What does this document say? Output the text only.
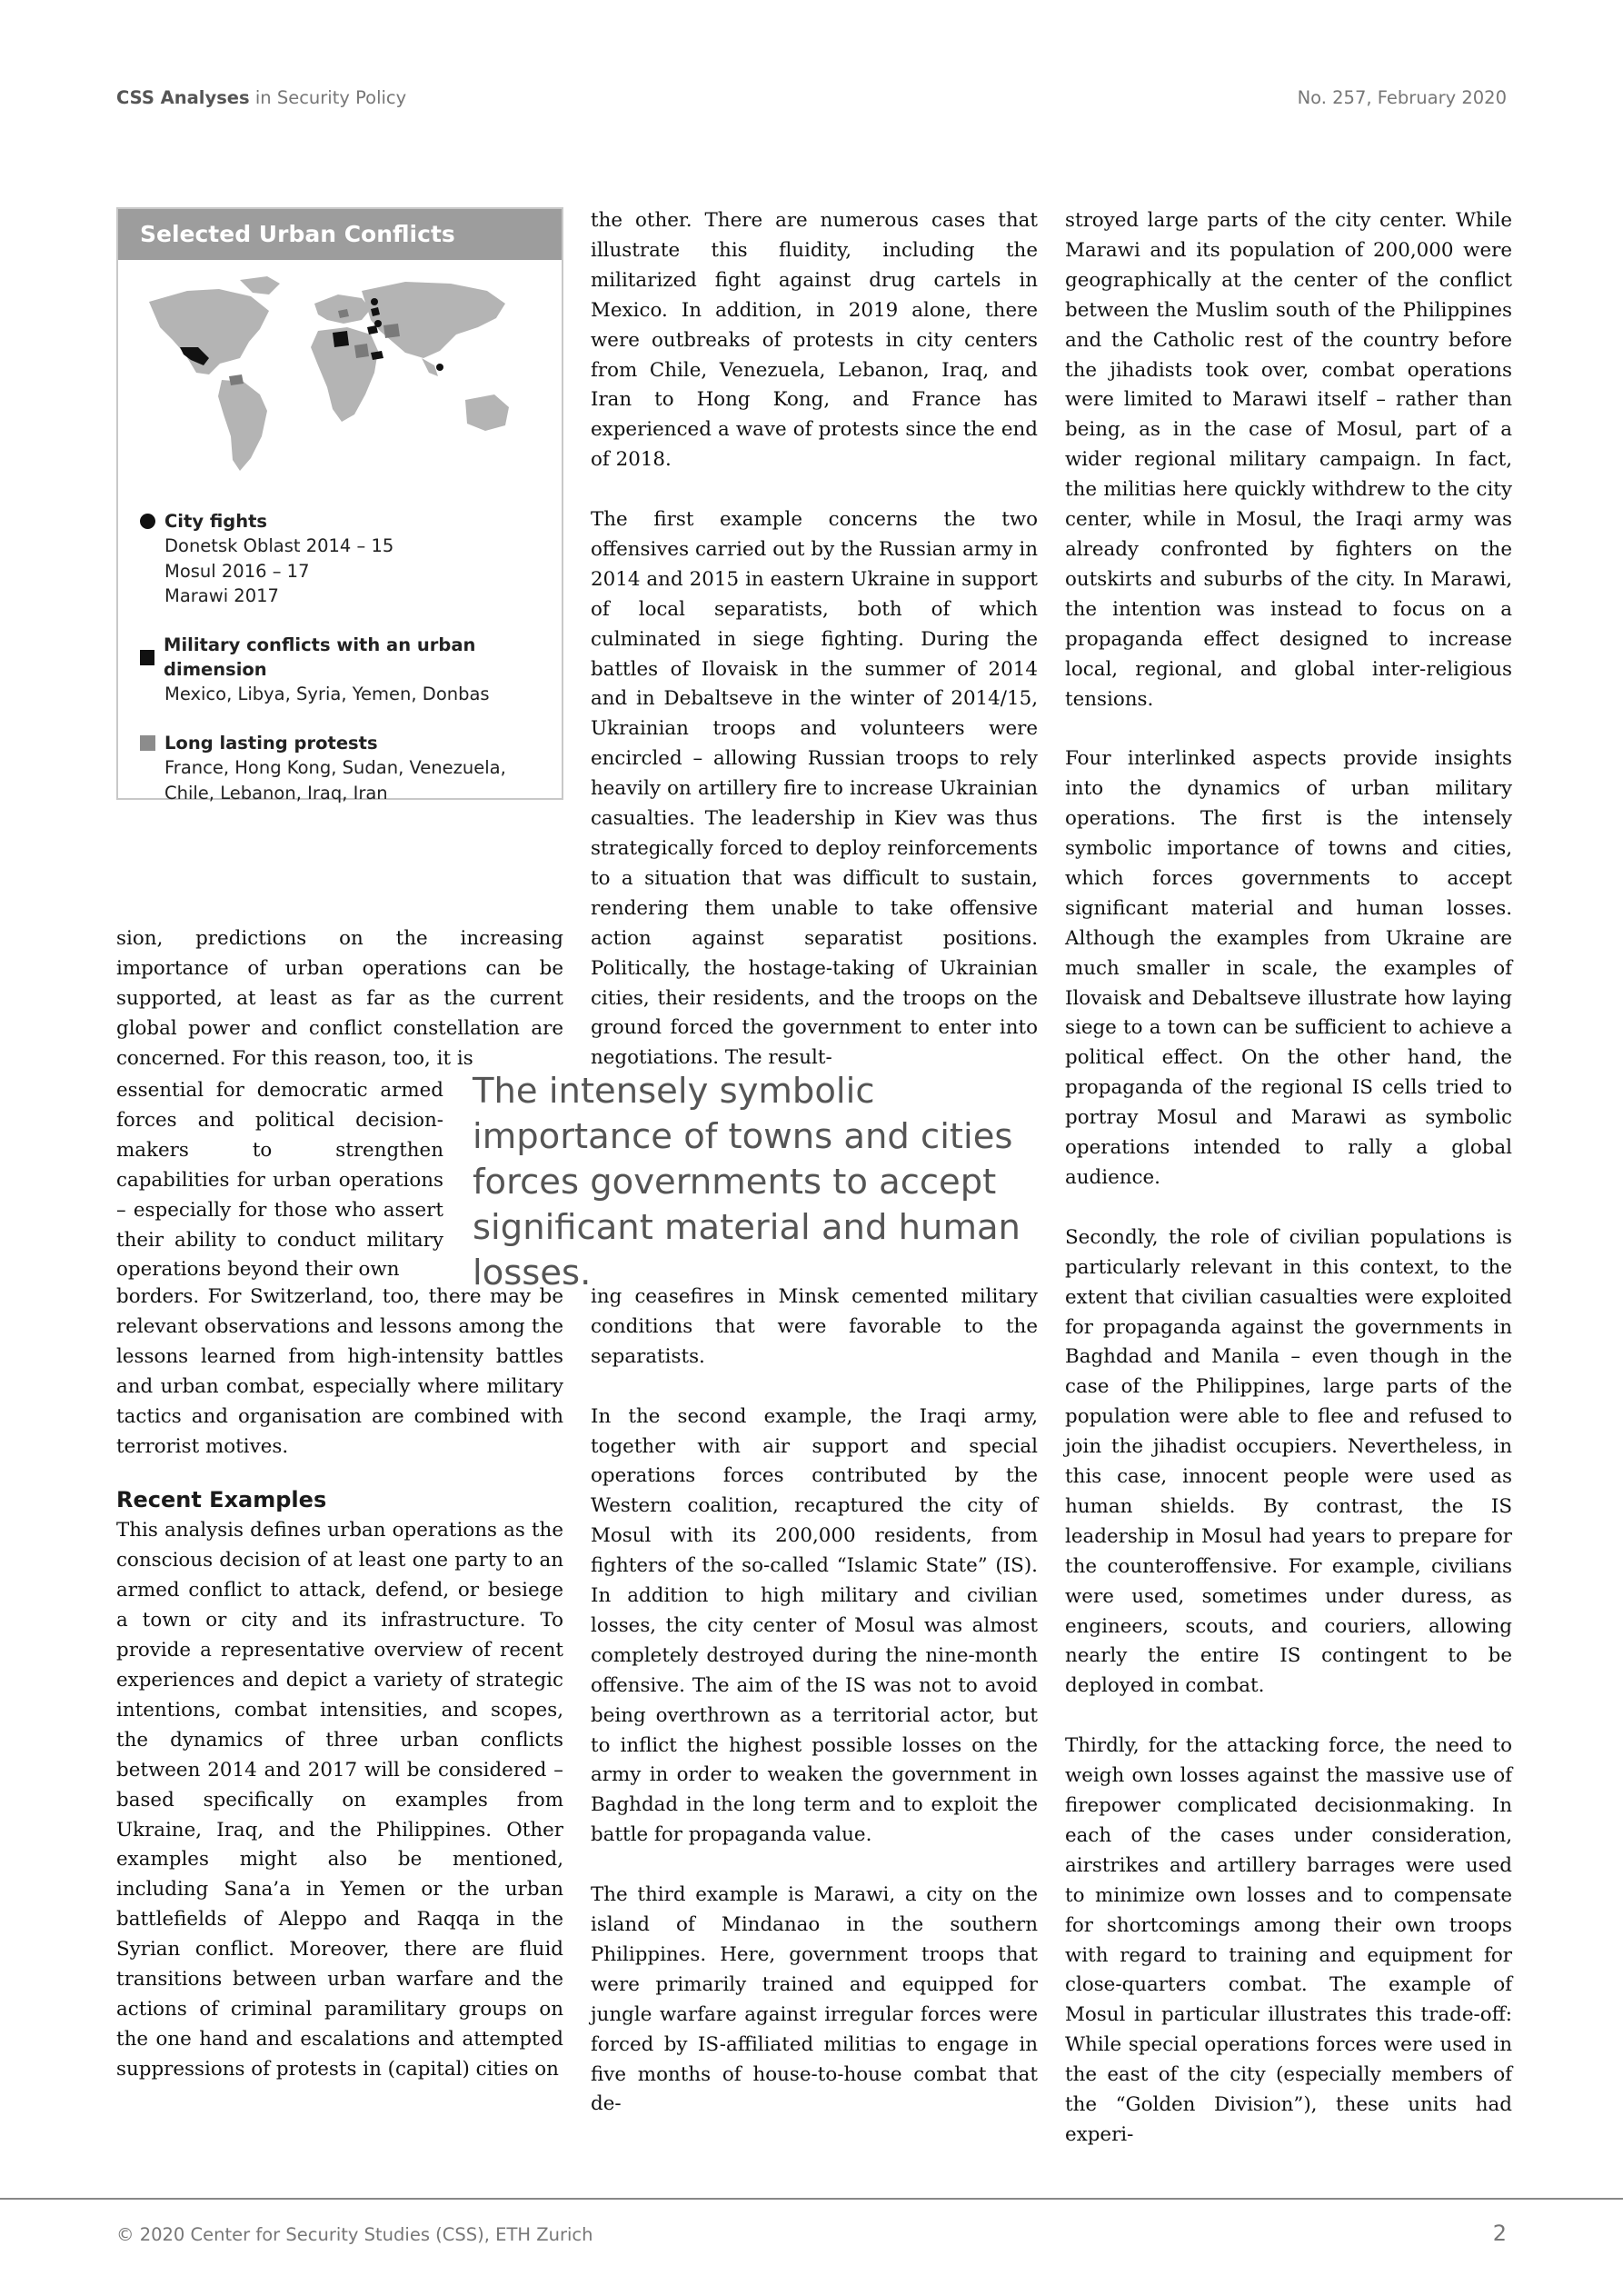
CSS Analyses in Security Policy	No. 257, February 2020
Selected Urban Conflicts
City fights
Donetsk Oblast 2014 – 15
Mosul 2016 – 17
Marawi 2017
Military conflicts with an urban dimension
Mexico, Libya, Syria, Yemen, Donbas
Long lasting protests
France, Hong Kong, Sudan, Venezuela,
Chile, Lebanon, Iraq, Iran

sion, predictions on the increasing importance of urban operations can be supported, at least as far as the current global power and conflict constellation are concerned. For this reason, too, it is

essential for democratic armed forces and political decision-makers to strengthen capabilities for urban operations – especially for those who assert their ability to conduct military operations beyond their own

The intensely symbolic importance of towns and cities forces governments to accept significant material and human losses.

borders. For Switzerland, too, there may be relevant observations and lessons among the lessons learned from high-intensity battles and urban combat, especially where military tactics and organisation are combined with terrorist motives.

Recent Examples

This analysis defines urban operations as the conscious decision of at least one party to an armed conflict to attack, defend, or besiege a town or city and its infrastructure. To provide a representative overview of recent experiences and depict a variety of strategic intentions, combat intensities, and scopes, the dynamics of three urban conflicts between 2014 and 2017 will be considered – based specifically on examples from Ukraine, Iraq, and the Philippines. Other examples might also be mentioned, including Sana’a in Yemen or the urban battlefields of Aleppo and Raqqa in the Syrian conflict. Moreover, there are fluid transitions between urban warfare and the actions of criminal paramilitary groups on the one hand and escalations and attempted suppressions of protests in (capital) cities on

the other. There are numerous cases that illustrate this fluidity, including the militarized fight against drug cartels in Mexico. In addition, in 2019 alone, there were outbreaks of protests in city centers from Chile, Venezuela, Lebanon, Iraq, and Iran to Hong Kong, and France has experienced a wave of protests since the end of 2018.

The first example concerns the two offensives carried out by the Russian army in 2014 and 2015 in eastern Ukraine in support of local separatists, both of which culminated in siege fighting. During the battles of Ilovaisk in the summer of 2014 and in Debaltseve in the winter of 2014/15, Ukrainian troops and volunteers were encircled – allowing Russian troops to rely heavily on artillery fire to increase Ukrainian casualties. The leadership in Kiev was thus strategically forced to deploy reinforcements to a situation that was difficult to sustain, rendering them unable to take offensive action against separatist positions. Politically, the hostage-taking of Ukrainian cities, their residents, and the troops on the ground forced the government to enter into negotiations. The result-

ing ceasefires in Minsk cemented military conditions that were favorable to the separatists.

In the second example, the Iraqi army, together with air support and special operations forces contributed by the Western coalition, recaptured the city of Mosul with its 200,000 residents, from fighters of the so-called “Islamic State” (IS). In addition to high military and civilian losses, the city center of Mosul was almost completely destroyed during the nine-month offensive. The aim of the IS was not to avoid being overthrown as a territorial actor, but to inflict the highest possible losses on the army in order to weaken the government in Baghdad in the long term and to exploit the battle for propaganda value.

The third example is Marawi, a city on the island of Mindanao in the southern Philippines. Here, government troops that were primarily trained and equipped for jungle warfare against irregular forces were forced by IS-affiliated militias to engage in five months of house-to-house combat that de-

stroyed large parts of the city center. While Marawi and its population of 200,000 were geographically at the center of the conflict between the Muslim south of the Philippines and the Catholic rest of the country before the jihadists took over, combat operations were limited to Marawi itself – rather than being, as in the case of Mosul, part of a wider regional military campaign. In fact, the militias here quickly withdrew to the city center, while in Mosul, the Iraqi army was already confronted by fighters on the outskirts and suburbs of the city. In Marawi, the intention was instead to focus on a propaganda effect designed to increase local, regional, and global inter-religious tensions.

Four interlinked aspects provide insights into the dynamics of urban military operations. The first is the intensely symbolic importance of towns and cities, which forces governments to accept significant material and human losses. Although the examples from Ukraine are much smaller in scale, the examples of Ilovaisk and Debaltseve illustrate how laying siege to a town can be sufficient to achieve a political effect. On the other hand, the propaganda of the regional IS cells tried to portray Mosul and Marawi as symbolic operations intended to rally a global audience.

Secondly, the role of civilian populations is particularly relevant in this context, to the extent that civilian casualties were exploited for propaganda against the governments in Baghdad and Manila – even though in the case of the Philippines, large parts of the population were able to flee and refused to join the jihadist occupiers. Nevertheless, in this case, innocent people were used as human shields. By contrast, the IS leadership in Mosul had years to prepare for the counteroffensive. For example, civilians were used, sometimes under duress, as engineers, scouts, and couriers, allowing nearly the entire IS contingent to be deployed in combat.

Thirdly, for the attacking force, the need to weigh own losses against the massive use of firepower complicated decisionmaking. In each of the cases under consideration, airstrikes and artillery barrages were used to minimize own losses and to compensate for shortcomings among their own troops with regard to training and equipment for close-quarters combat. The example of Mosul in particular illustrates this trade-off: While special operations forces were used in the east of the city (especially members of the “Golden Division”), these units had experi-

© 2020 Center for Security Studies (CSS), ETH Zurich	2
